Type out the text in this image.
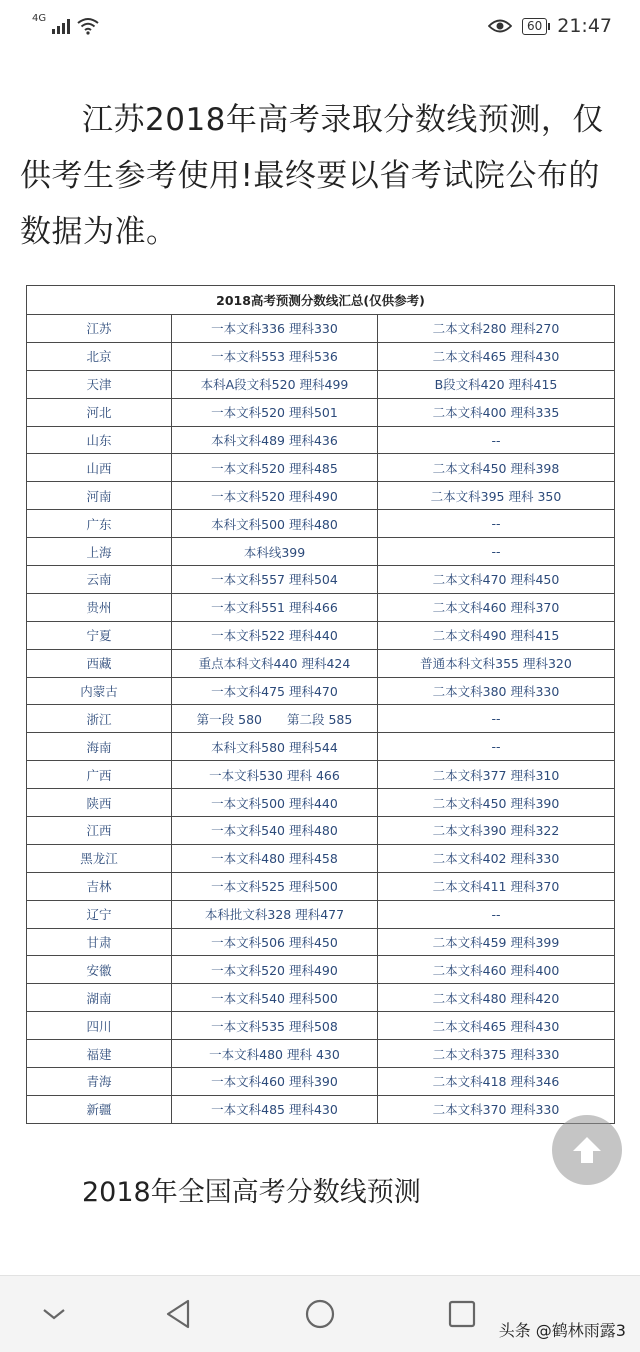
4G
60 21:47

江苏2018年高考录取分数线预测，仅供考生参考使用!最终要以省考试院公布的数据为准。

2018高考预测分数线汇总(仅供参考)		
江苏	一本文科336 理科330	二本文科280 理科270
北京	一本文科553 理科536	二本文科465 理科430
天津	本科A段文科520 理科499	B段文科420 理科415
河北	一本文科520 理科501	二本文科400 理科335
山东	本科文科489 理科436	--
山西	一本文科520 理科485	二本文科450 理科398
河南	一本文科520 理科490	二本文科395 理科 350
广东	本科文科500 理科480	--
上海	本科线399	--
云南	一本文科557 理科504	二本文科470 理科450
贵州	一本文科551 理科466	二本文科460 理科370
宁夏	一本文科522 理科440	二本文科490 理科415
西藏	重点本科文科440 理科424	普通本科文科355 理科320
内蒙古	一本文科475 理科470	二本文科380 理科330
浙江	第一段 580　　第二段 585	--
海南	本科文科580 理科544	--
广西	一本文科530 理科 466	二本文科377 理科310
陕西	一本文科500 理科440	二本文科450 理科390
江西	一本文科540 理科480	二本文科390 理科322
黑龙江	一本文科480 理科458	二本文科402 理科330
吉林	一本文科525 理科500	二本文科411 理科370
辽宁	本科批文科328 理科477	--
甘肃	一本文科506 理科450	二本文科459 理科399
安徽	一本文科520 理科490	二本文科460 理科400
湖南	一本文科540 理科500	二本文科480 理科420
四川	一本文科535 理科508	二本文科465 理科430
福建	一本文科480 理科 430	二本文科375 理科330
青海	一本文科460 理科390	二本文科418 理科346
新疆	一本文科485 理科430	二本文科370 理科330

2018年全国高考分数线预测

头条 @鹤林雨露3
